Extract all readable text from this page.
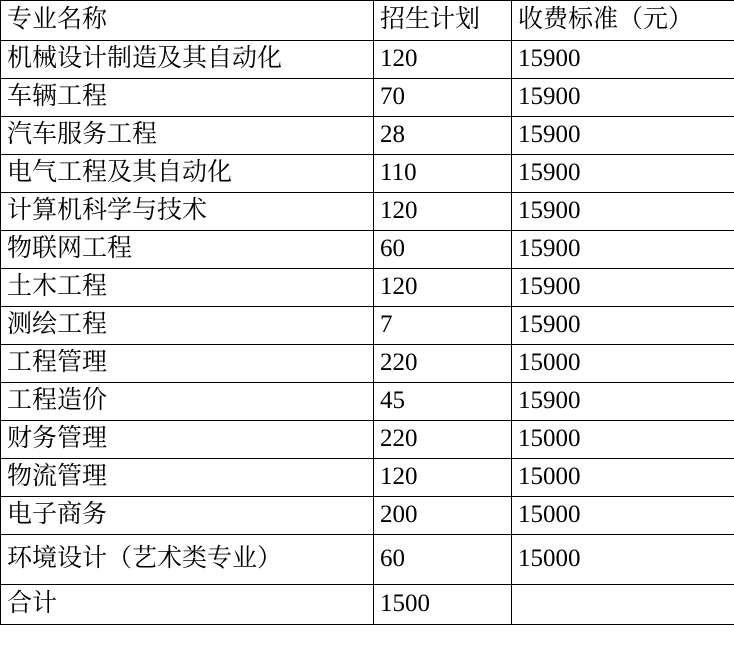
专业名称	招生计划	收费标准（元）
机械设计制造及其自动化	120	15900
车辆工程	70	15900
汽车服务工程	28	15900
电气工程及其自动化	110	15900
计算机科学与技术	120	15900
物联网工程	60	15900
土木工程	120	15900
测绘工程	7	15900
工程管理	220	15000
工程造价	45	15900
财务管理	220	15000
物流管理	120	15000
电子商务	200	15000
环境设计（艺术类专业）	60	15000
合计	1500	
